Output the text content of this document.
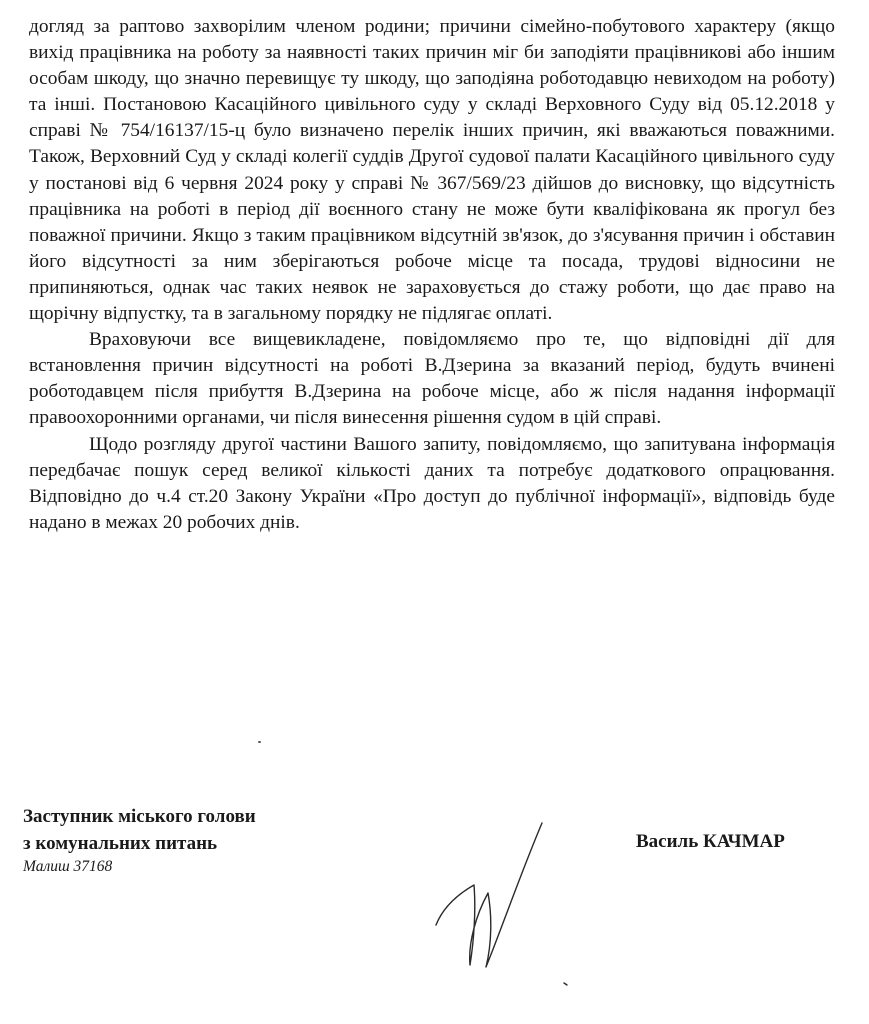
догляд за раптово захворілим членом родини; причини сімейно-побутового характеру (якщо вихід працівника на роботу за наявності таких причин міг би заподіяти працівникові або іншим особам шкоду, що значно перевищує ту шкоду, що заподіяна роботодавцю невиходом на роботу) та інші. Постановою Касаційного цивільного суду у складі Верховного Суду від 05.12.2018 у справі № 754/16137/15-ц було визначено перелік інших причин, які вважаються поважними. Також, Верховний Суд у складі колегії суддів Другої судової палати Касаційного цивільного суду у постанові від 6 червня 2024 року у справі № 367/569/23 дійшов до висновку, що відсутність працівника на роботі в період дії воєнного стану не може бути кваліфікована як прогул без поважної причини. Якщо з таким працівником відсутній зв'язок, до з'ясування причин і обставин його відсутності за ним зберігаються робоче місце та посада, трудові відносини не припиняються, однак час таких неявок не зараховується до стажу роботи, що дає право на щорічну відпустку, та в загальному порядку не підлягає оплаті.

Враховуючи все вищевикладене, повідомляємо про те, що відповідні дії для встановлення причин відсутності на роботі В.Дзерина за вказаний період, будуть вчинені роботодавцем після прибуття В.Дзерина на робоче місце, або ж після надання інформації правоохоронними органами, чи після винесення рішення судом в цій справі.

Щодо розгляду другої частини Вашого запиту, повідомляємо, що запитувана інформація передбачає пошук серед великої кількості даних та потребує додаткового опрацювання. Відповідно до ч.4 ст.20 Закону України «Про доступ до публічної інформації», відповідь буде надано в межах 20 робочих днів.

Заступник міського голови
з комунальних питань
Малиш 37168
Василь КАЧМАР
